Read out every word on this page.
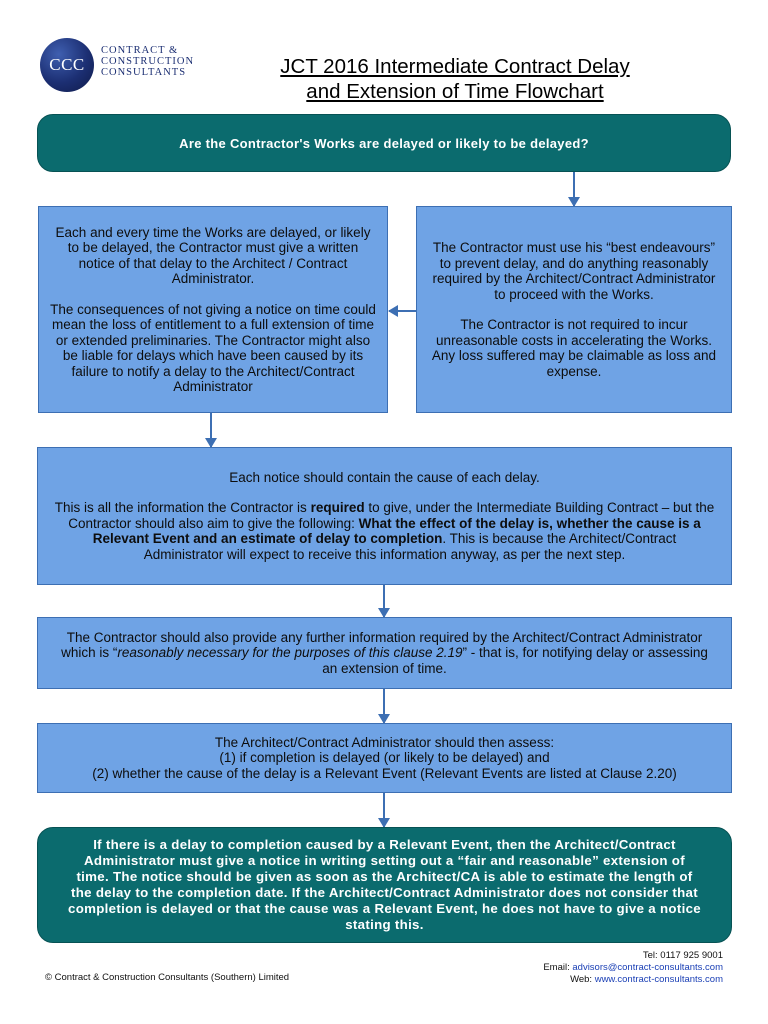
CCC
CONTRACT &
CONSTRUCTION
CONSULTANTS	JCT 2016 Intermediate Contract Delay
and Extension of Time Flowchart
Are the Contractor's Works are delayed or likely to be delayed?

Each and every time the Works are delayed, or likely to be delayed, the Contractor must give a written notice of that delay to the Architect / Contract Administrator.

The consequences of not giving a notice on time could mean the loss of entitlement to a full extension of time or extended preliminaries. The Contractor might also be liable for delays which have been caused by its failure to notify a delay to the Architect/Contract Administrator

The Contractor must use his “best endeavours” to prevent delay, and do anything reasonably required by the Architect/Contract Administrator to proceed with the Works.

The Contractor is not required to incur unreasonable costs in accelerating the Works. Any loss suffered may be claimable as loss and expense.

Each notice should contain the cause of each delay.

This is all the information the Contractor is required to give, under the Intermediate Building Contract – but the Contractor should also aim to give the following: What the effect of the delay is, whether the cause is a Relevant Event and an estimate of delay to completion. This is because the Architect/Contract Administrator will expect to receive this information anyway, as per the next step.

The Contractor should also provide any further information required by the Architect/Contract Administrator which is “reasonably necessary for the purposes of this clause 2.19” - that is, for notifying delay or assessing an extension of time.

The Architect/Contract Administrator should then assess:
(1) if completion is delayed (or likely to be delayed) and
(2) whether the cause of the delay is a Relevant Event (Relevant Events are listed at Clause 2.20)
If there is a delay to completion caused by a Relevant Event, then the Architect/Contract Administrator must give a notice in writing setting out a “fair and reasonable” extension of time. The notice should be given as soon as the Architect/CA is able to estimate the length of the delay to the completion date. If the Architect/Contract Administrator does not consider that completion is delayed or that the cause was a Relevant Event, he does not have to give a notice stating this.
© Contract & Construction Consultants (Southern) Limited
Tel: 0117 925 9001
Email: advisors@contract-consultants.com
Web: www.contract-consultants.com
